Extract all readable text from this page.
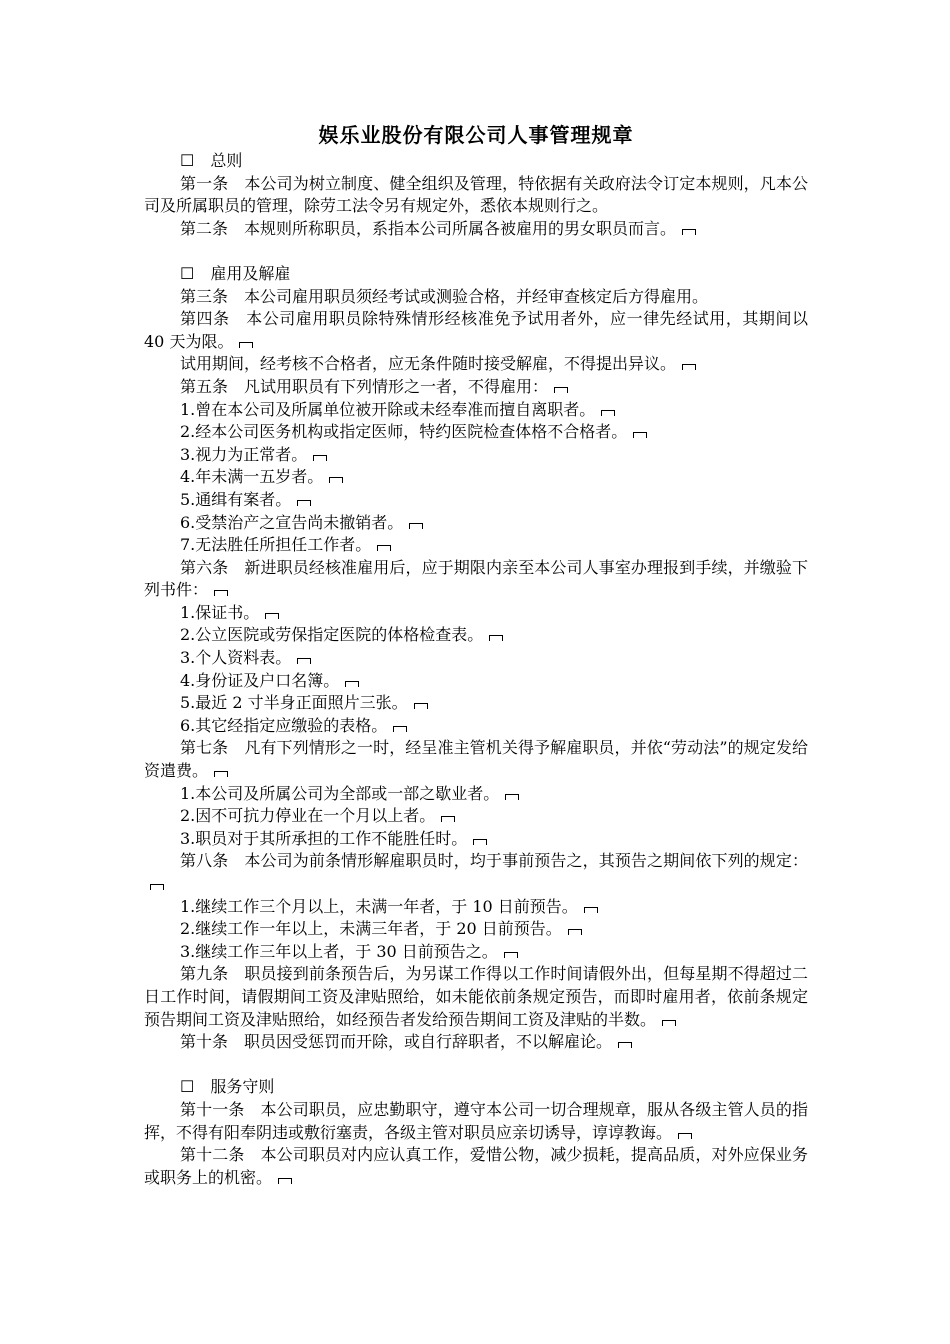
娱乐业股份有限公司人事管理规章

☐　总则

第一条　本公司为树立制度、健全组织及管理，特依据有关政府法令订定本规则，凡本公司及所属职员的管理，除劳工法令另有规定外，悉依本规则行之。

第二条　本规则所称职员，系指本公司所属各被雇用的男女职员而言。

☐　雇用及解雇

第三条　本公司雇用职员须经考试或测验合格，并经审查核定后方得雇用。

第四条　本公司雇用职员除特殊情形经核准免予试用者外，应一律先经试用，其期间以 40 天为限。

试用期间，经考核不合格者，应无条件随时接受解雇，不得提出异议。

第五条　凡试用职员有下列情形之一者，不得雇用：

1.曾在本公司及所属单位被开除或未经奉准而擅自离职者。

2.经本公司医务机构或指定医师，特约医院检查体格不合格者。

3.视力为正常者。

4.年未满一五岁者。

5.通缉有案者。

6.受禁治产之宣告尚未撤销者。

7.无法胜任所担任工作者。

第六条　新进职员经核准雇用后，应于期限内亲至本公司人事室办理报到手续，并缴验下列书件：

1.保证书。

2.公立医院或劳保指定医院的体格检查表。

3.个人资料表。

4.身份证及户口名簿。

5.最近 2 寸半身正面照片三张。

6.其它经指定应缴验的表格。

第七条　凡有下列情形之一时，经呈准主管机关得予解雇职员，并依“劳动法”的规定发给资遣费。

1.本公司及所属公司为全部或一部之歇业者。

2.因不可抗力停业在一个月以上者。

3.职员对于其所承担的工作不能胜任时。

第八条　本公司为前条情形解雇职员时，均于事前预告之，其预告之期间依下列的规定：

1.继续工作三个月以上，未满一年者，于 10 日前预告。

2.继续工作一年以上，未满三年者，于 20 日前预告。

3.继续工作三年以上者，于 30 日前预告之。

第九条　职员接到前条预告后，为另谋工作得以工作时间请假外出，但每星期不得超过二日工作时间，请假期间工资及津贴照给，如未能依前条规定预告，而即时雇用者，依前条规定预告期间工资及津贴照给，如经预告者发给预告期间工资及津贴的半数。

第十条　职员因受惩罚而开除，或自行辞职者，不以解雇论。

☐　服务守则

第十一条　本公司职员，应忠勤职守，遵守本公司一切合理规章，服从各级主管人员的指挥，不得有阳奉阴违或敷衍塞责，各级主管对职员应亲切诱导，谆谆教诲。

第十二条　本公司职员对内应认真工作，爱惜公物，减少损耗，提高品质，对外应保业务或职务上的机密。
